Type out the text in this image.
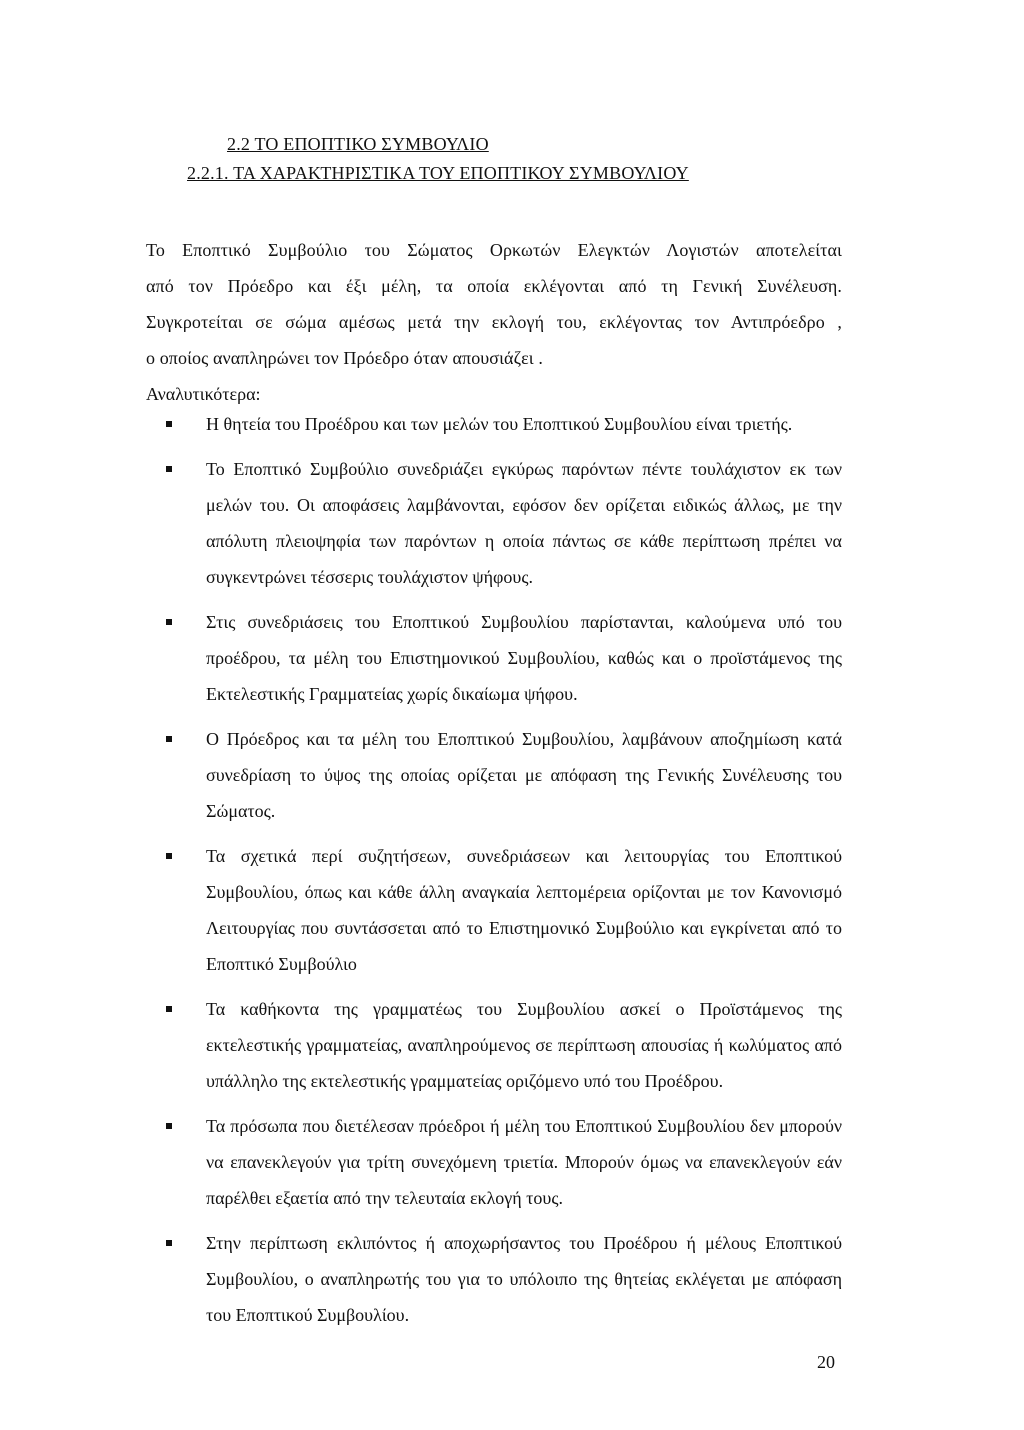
2.2 ΤΟ ΕΠΟΠΤΙΚΟ ΣΥΜΒΟΥΛΙΟ
2.2.1. ΤΑ ΧΑΡΑΚΤΗΡΙΣΤΙΚΑ ΤΟΥ ΕΠΟΠΤΙΚΟΥ ΣΥΜΒΟΥΛΙΟΥ
Το Εποπτικό Συμβούλιο του Σώματος Ορκωτών Ελεγκτών Λογιστών αποτελείται
από τον Πρόεδρο και έξι μέλη, τα οποία εκλέγονται από τη Γενική Συνέλευση.
Συγκροτείται σε σώμα αμέσως μετά την εκλογή του, εκλέγοντας τον Αντιπρόεδρο ,
ο οποίος αναπληρώνει τον Πρόεδρο όταν απουσιάζει .
Αναλυτικότερα:
Η θητεία του Προέδρου και των μελών του Εποπτικού Συμβουλίου είναι τριετής.
Το Εποπτικό Συμβούλιο συνεδριάζει εγκύρως παρόντων πέντε τουλάχιστον εκ των μελών του. Οι αποφάσεις λαμβάνονται, εφόσον δεν ορίζεται ειδικώς άλλως, με την απόλυτη πλειοψηφία των παρόντων η οποία πάντως σε κάθε περίπτωση πρέπει να συγκεντρώνει τέσσερις τουλάχιστον ψήφους.
Στις συνεδριάσεις του Εποπτικού Συμβουλίου παρίστανται, καλούμενα υπό του προέδρου, τα μέλη του Επιστημονικού Συμβουλίου, καθώς και ο προϊστάμενος της Εκτελεστικής Γραμματείας χωρίς δικαίωμα ψήφου.
Ο Πρόεδρος και τα μέλη του Εποπτικού Συμβουλίου, λαμβάνουν αποζημίωση κατά συνεδρίαση το ύψος της οποίας ορίζεται με απόφαση της Γενικής Συνέλευσης του Σώματος.
Τα σχετικά περί συζητήσεων, συνεδριάσεων και λειτουργίας του Εποπτικού Συμβουλίου, όπως και κάθε άλλη αναγκαία λεπτομέρεια ορίζονται με τον Κανονισμό Λειτουργίας που συντάσσεται από το Επιστημονικό Συμβούλιο και εγκρίνεται από το Εποπτικό Συμβούλιο
Τα καθήκοντα της γραμματέως του Συμβουλίου ασκεί ο Προϊστάμενος της εκτελεστικής γραμματείας, αναπληρούμενος σε περίπτωση απουσίας ή κωλύματος από υπάλληλο της εκτελεστικής γραμματείας οριζόμενο υπό του Προέδρου.
Τα πρόσωπα που διετέλεσαν πρόεδροι ή μέλη του Εποπτικού Συμβουλίου δεν μπορούν να επανεκλεγούν για τρίτη συνεχόμενη τριετία. Μπορούν όμως να επανεκλεγούν εάν παρέλθει εξαετία από την τελευταία εκλογή τους.
Στην περίπτωση εκλιπόντος ή αποχωρήσαντος του Προέδρου ή μέλους Εποπτικού Συμβουλίου, ο αναπληρωτής του για το υπόλοιπο της θητείας εκλέγεται με απόφαση του Εποπτικού Συμβουλίου.
20
